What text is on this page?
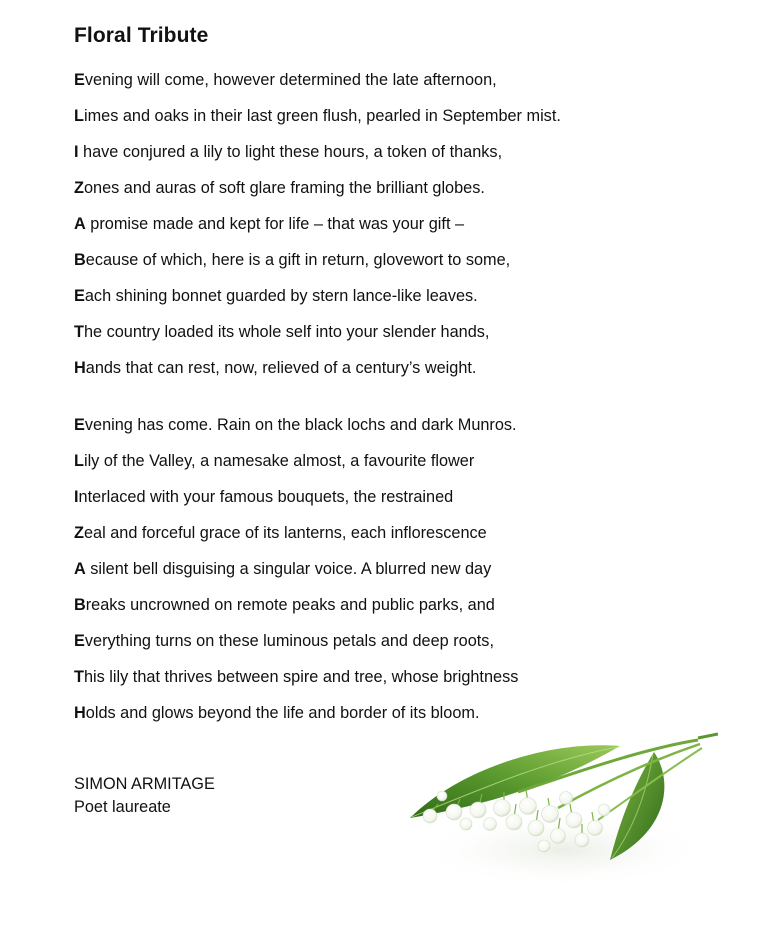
Floral Tribute
Evening will come, however determined the late afternoon,
Limes and oaks in their last green flush, pearled in September mist.
I have conjured a lily to light these hours, a token of thanks,
Zones and auras of soft glare framing the brilliant globes.
A promise made and kept for life – that was your gift –
Because of which, here is a gift in return, glovewort to some,
Each shining bonnet guarded by stern lance-like leaves.
The country loaded its whole self into your slender hands,
Hands that can rest, now, relieved of a century’s weight.
Evening has come. Rain on the black lochs and dark Munros.
Lily of the Valley, a namesake almost, a favourite flower
Interlaced with your famous bouquets, the restrained
Zeal and forceful grace of its lanterns, each inflorescence
A silent bell disguising a singular voice. A blurred new day
Breaks uncrowned on remote peaks and public parks, and
Everything turns on these luminous petals and deep roots,
This lily that thrives between spire and tree, whose brightness
Holds and glows beyond the life and border of its bloom.
SIMON ARMITAGE
Poet laureate
